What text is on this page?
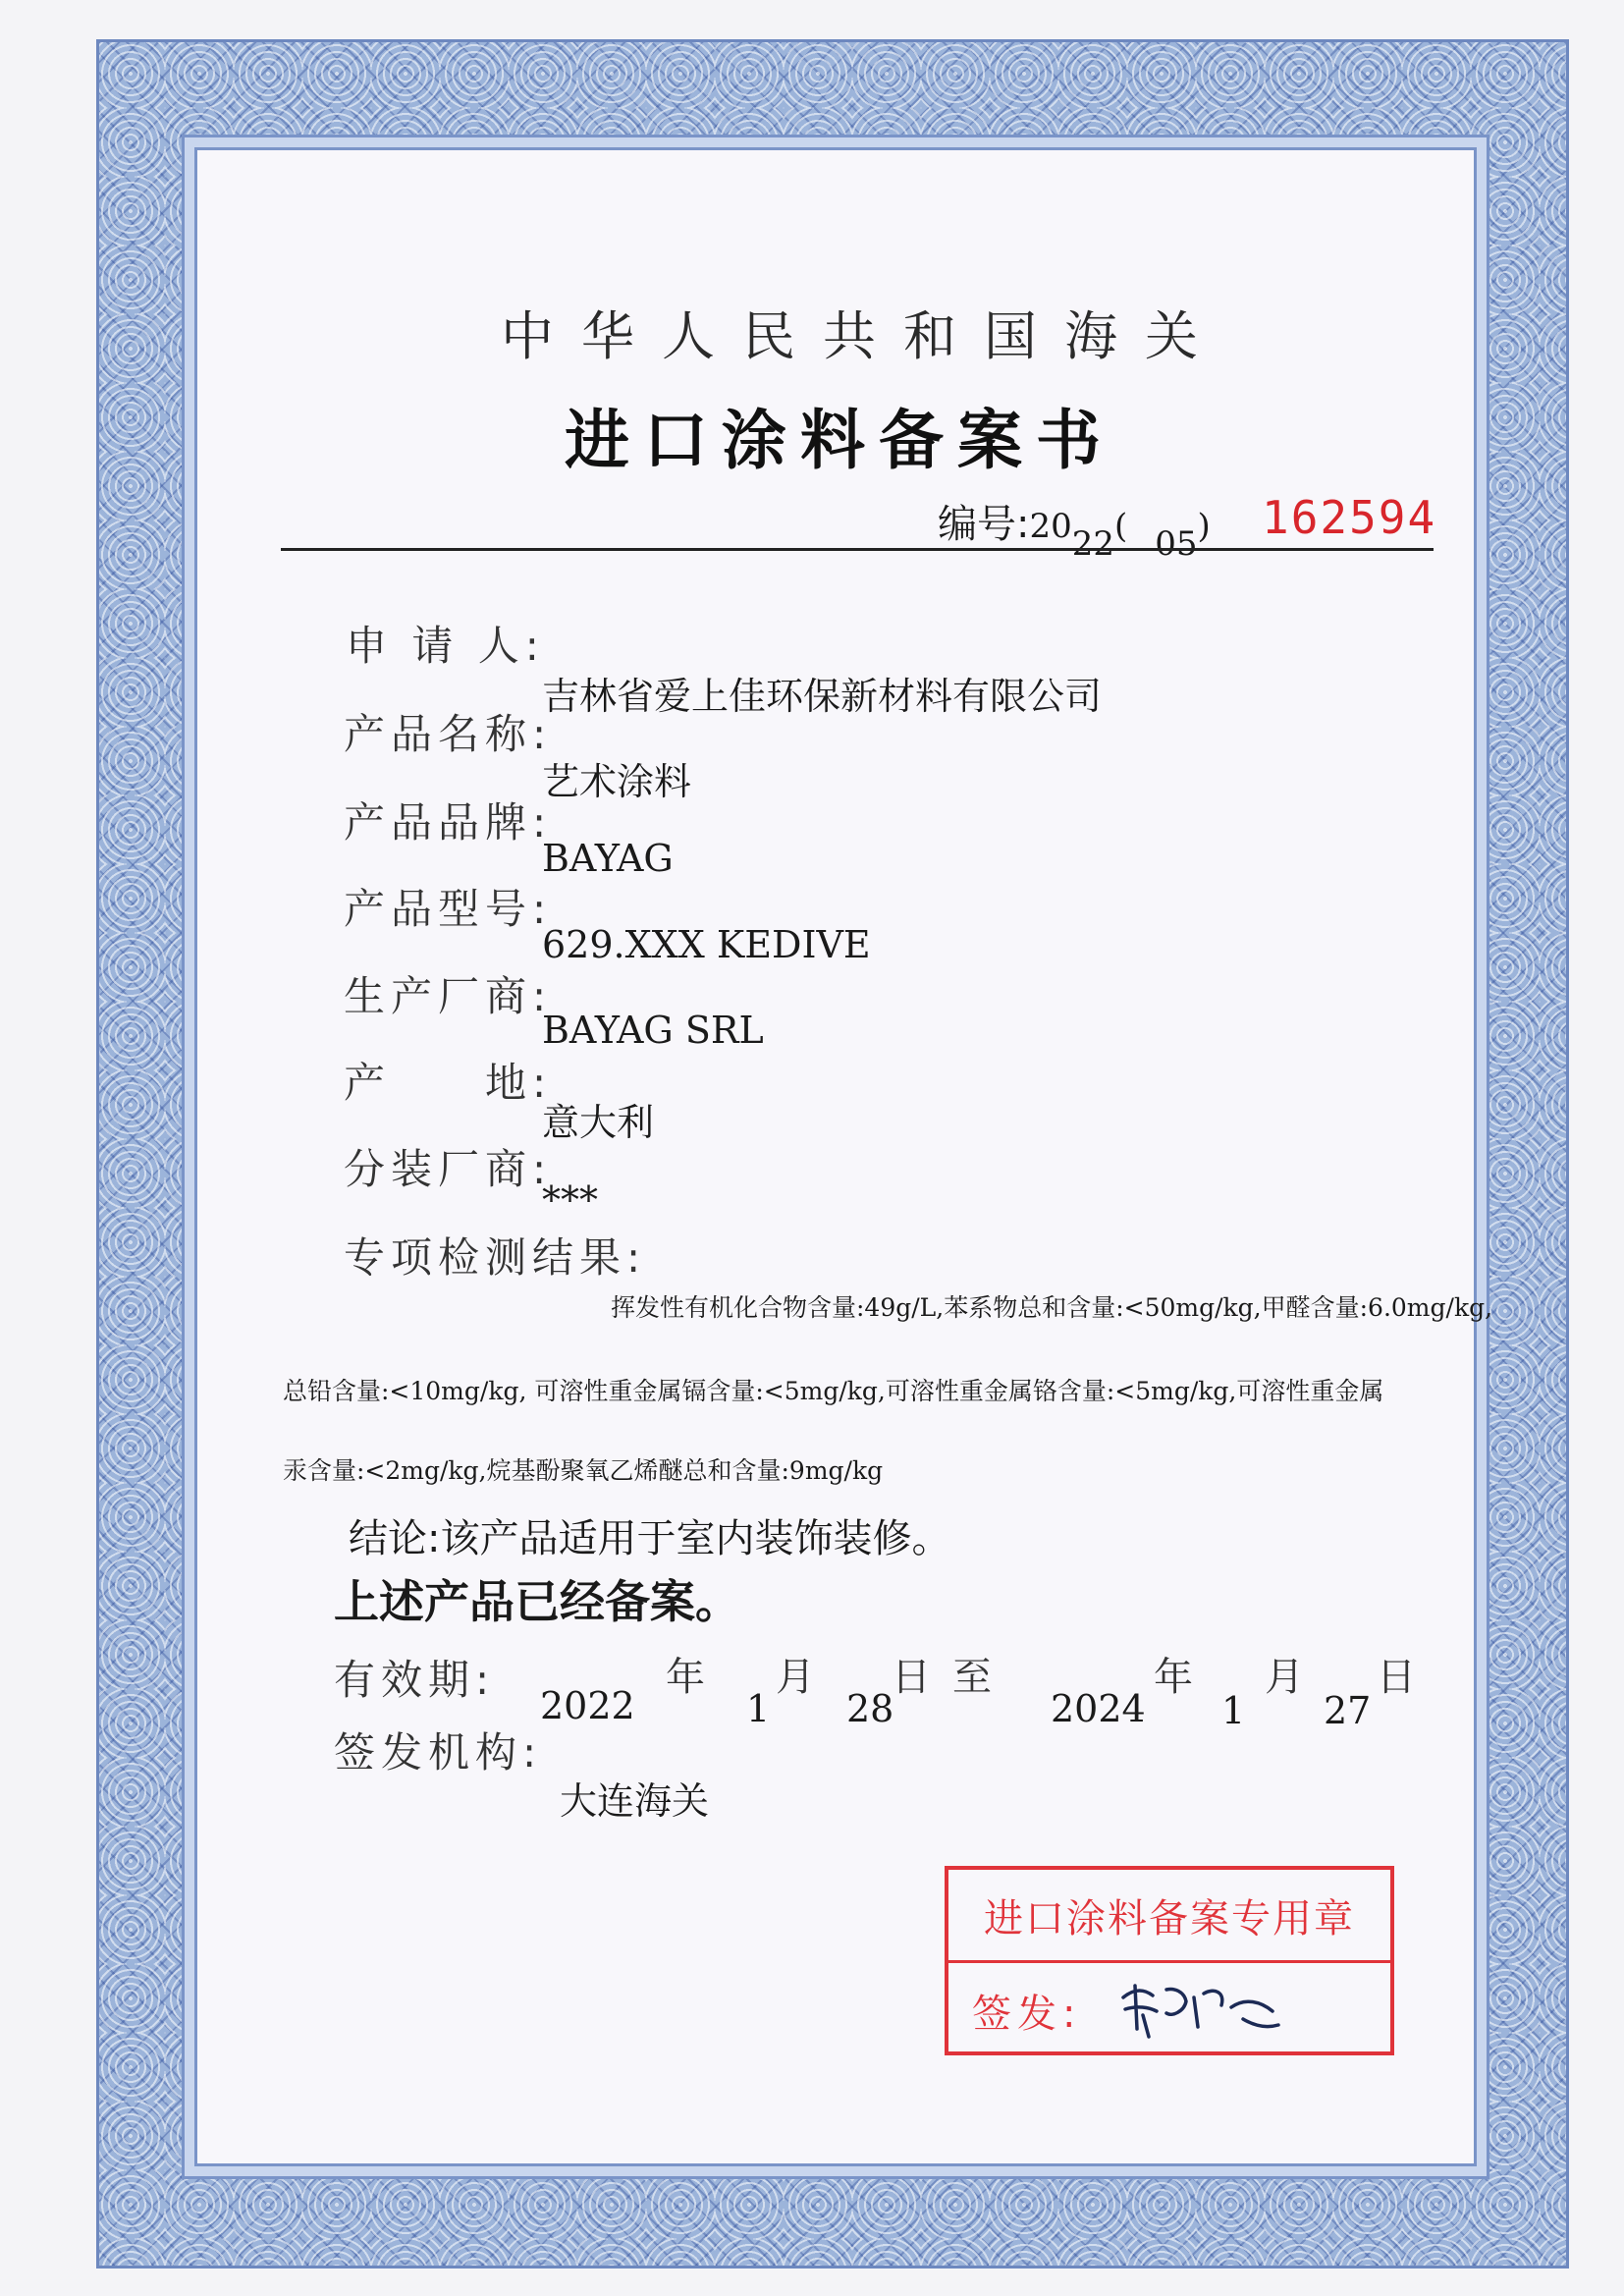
中华人民共和国海关
进口涂料备案书
编号$:20_{22}$( $_{05}$) 162594
申 请 人:
吉林省爱上佳环保新材料有限公司
产品名称:
艺术涂料
产品品牌:
BAYAG
产品型号:
629.XXX KEDIVE
生产厂商:
BAYAG SRL
产　　地:
意大利
分装厂商:
***
专项检测结果:
挥发性有机化合物含量:49g/L,苯系物总和含量:<50mg/kg,甲醛含量:6.0mg/kg,
总铅含量:<10mg/kg, 可溶性重金属镉含量:<5mg/kg,可溶性重金属铬含量:<5mg/kg,可溶性重金属
汞含量:<2mg/kg,烷基酚聚氧乙烯醚总和含量:9mg/kg
结论:该产品适用于室内装饰装修。
上述产品已经备案。
有效期:	年 月 日 至	年 月 日
2022	1 28	2024 1 27
签发机构:
大连海关
进口涂料备案专用章
签发:
